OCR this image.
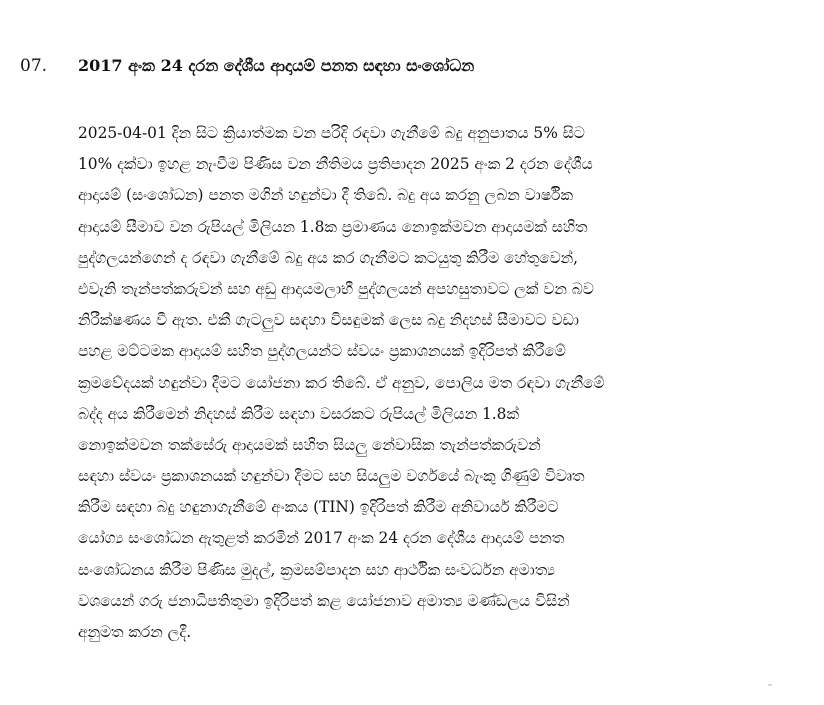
07.	2017 අංක 24 දරන දේශීය ආදායම් පනත සඳහා සංශෝධන
2025-04-01 දින සිට ක්‍රියාත්මක වන පරිදි රඳවා ගැනීමේ බදු අනුපාතය 5% සිට
10% දක්වා ඉහළ නැංවීම පිණිස වන නීතිමය ප්‍රතිපාදන 2025 අංක 2 දරන දේශීය
ආදායම් (සංශෝධන) පනත මගින් හඳුන්වා දී තිබේ. බදු අය කරනු ලබන වාර්ෂික
ආදායම් සීමාව වන රුපියල් මිලියන 1.8ක ප්‍රමාණය නොඉක්මවන ආදායමක් සහිත
පුද්ගලයන්ගෙන් ද රඳවා ගැනීමේ බදු අය කර ගැනීමට කටයුතු කිරීම හේතුවෙන්,
එවැනි තැන්පත්කරුවන් සහ අඩු ආදායමලාභී පුද්ගලයන් අපහසුතාවට ලක් වන බව
නිරීක්ෂණය වී ඇත. එකී ගැටලුව සඳහා විසඳුමක් ලෙස බදු නිදහස් සීමාවට වඩා
පහළ මට්ටමක ආදායම් සහිත පුද්ගලයන්ට ස්වයං ප්‍රකාශනයක් ඉදිරිපත් කිරීමේ
ක්‍රමවේදයක් හඳුන්වා දීමට යෝජනා කර තිබේ. ඒ අනුව, පොලිය මත රඳවා ගැනීමේ
බද්ද අය කිරීමෙන් නිදහස් කිරීම සඳහා වසරකට රුපියල් මිලියන 1.8ක්
නොඉක්මවන තක්සේරු ආදායමක් සහිත සියලු නේවාසික තැන්පත්කරුවන්
සඳහා ස්වයං ප්‍රකාශනයක් හඳුන්වා දීමට සහ සියලුම වර්ගයේ බැංකු ගිණුම් විවෘත
කිරීම සඳහා බදු හඳුනාගැනීමේ අංකය (TIN) ඉදිරිපත් කිරීම අනිවාර්ය කිරීමට
යෝග්‍ය සංශෝධන ඇතුළත් කරමින් 2017 අංක 24 දරන දේශීය ආදායම් පනත
සංශෝධනය කිරීම පිණිස මුදල්, ක්‍රමසම්පාදන සහ ආර්ථික සංවර්ධන අමාත්‍ය
වශයෙන් ගරු ජනාධිපතිතුමා ඉදිරිපත් කළ යෝජනාව අමාත්‍ය මණ්ඩලය විසින්
අනුමත කරන ලදී.
